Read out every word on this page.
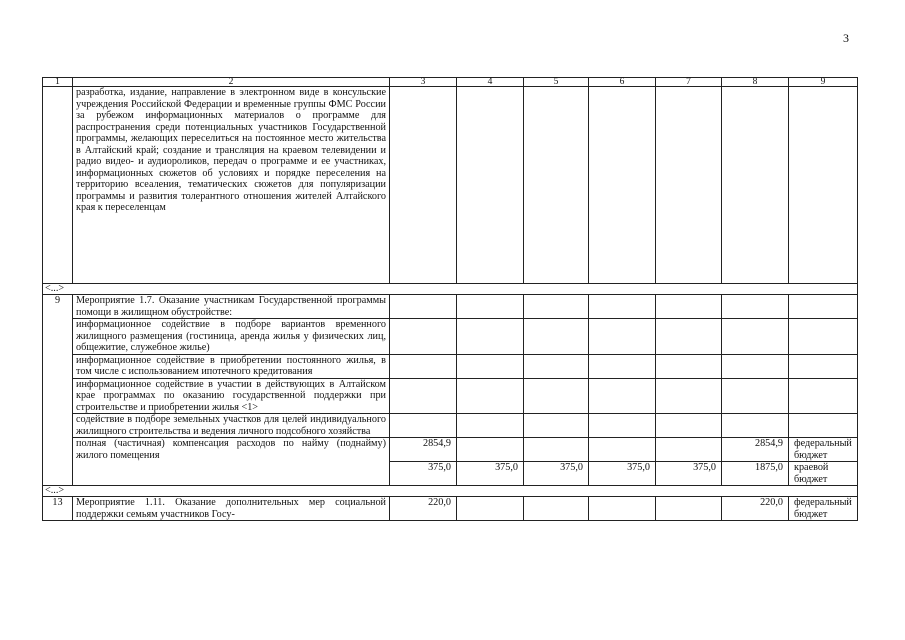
3
1	2	3	4	5	6	7	8	9
	разработка, издание, направление в электронном виде в консульские учреждения Российской Федерации и временные группы ФМС России за рубежом информационных материалов о программе для распространения среди потенциальных участников Государственной программы, желающих переселиться на постоянное место жительства в Алтайский край; создание и трансляция на краевом телевидении и радио видео- и аудиороликов, передач о программе и ее участниках, информационных сюжетов об условиях и порядке переселения на территорию всеаления, тематических сюжетов для популяризации программы и развития толерантного отношения жителей Алтайского края к переселенцам							
<...>								
9	Мероприятие 1.7. Оказание участникам Государственной программы помощи в жилищном обустройстве:							
	информационное содействие в подборе вариантов временного жилищного размещения (гостиница, аренда жилья у физических лиц, общежитие, служебное жилье)							
	информационное содействие в приобретении постоянного жилья, в том числе с использованием ипотечного кредитования							
	информационное содействие в участии в действующих в Алтайском крае программах по оказанию государственной поддержки при строительстве и приобретении жилья <1>							
	содействие в подборе земельных участков для целей индивидуального жилищного строительства и ведения личного подсобного хозяйства							
	полная (частичная) компенсация расходов по найму (поднайму) жилого помещения	2854,9					2854,9	федеральный бюджет
		375,0	375,0	375,0	375,0	375,0	1875,0	краевой бюджет
<...>								
13	Мероприятие 1.11. Оказание дополнительных мер социальной поддержки семьям участников Госу-	220,0					220,0	федеральный бюджет
